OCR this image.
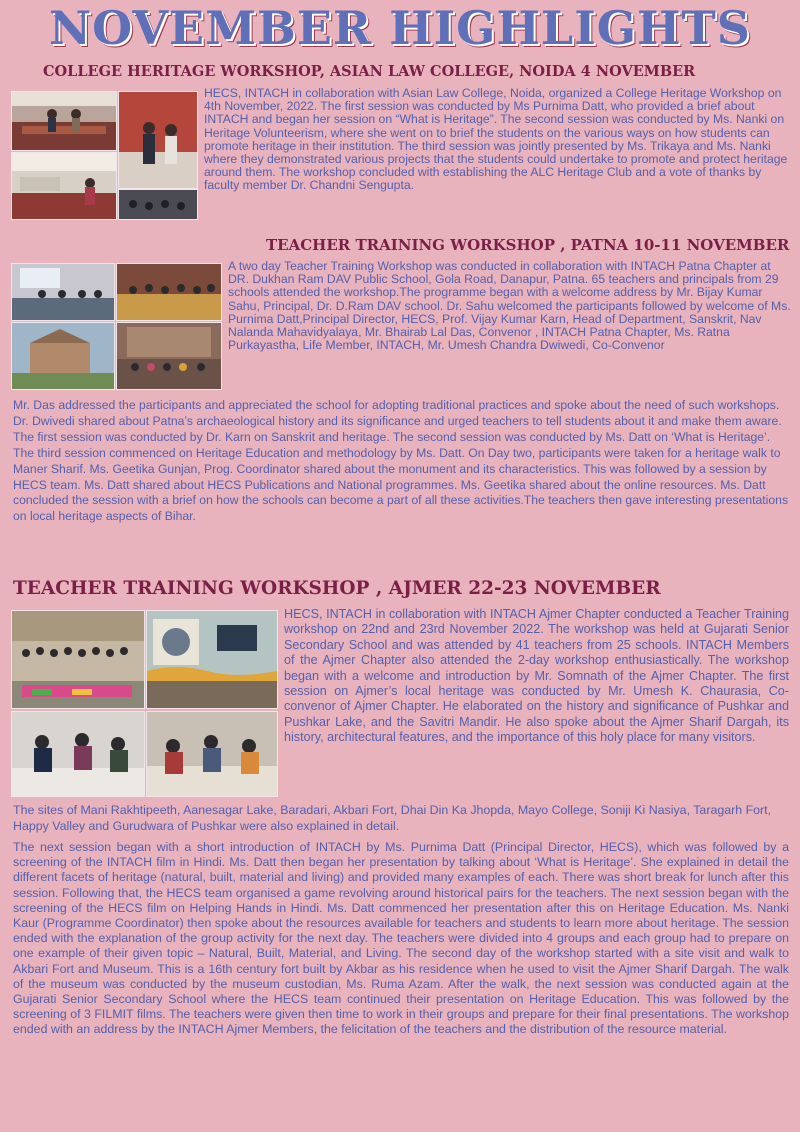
NOVEMBER HIGHLIGHTS
COLLEGE HERITAGE WORKSHOP, ASIAN LAW COLLEGE, NOIDA 4 NOVEMBER

HECS, INTACH in collaboration with Asian Law College, Noida, organized a College Heritage Workshop on 4th November, 2022. The first session was conducted by Ms Purnima Datt, who provided a brief about INTACH and began her session on “What is Heritage”. The second session was conducted by Ms. Nanki on Heritage Volunteerism, where she went on to brief the students on the various ways on how students can promote heritage in their institution. The third session was jointly presented by Ms. Trikaya and Ms. Nanki where they demonstrated various projects that the students could undertake to promote and protect heritage around them. The workshop concluded with establishing the ALC Heritage Club and a vote of thanks by faculty member Dr. Chandni Sengupta.

TEACHER TRAINING WORKSHOP , PATNA 10-11 NOVEMBER

A two day Teacher Training Workshop was conducted in collaboration with INTACH Patna Chapter at DR. Dukhan Ram DAV Public School, Gola Road, Danapur, Patna. 65 teachers and principals from 29 schools attended the workshop.The programme began with a welcome address by Mr. Bijay Kumar Sahu, Principal, Dr. D.Ram DAV school. Dr. Sahu welcomed the participants followed by welcome of Ms. Purnima Datt,Principal Director, HECS, Prof. Vijay Kumar Karn, Head of Department, Sanskrit, Nav Nalanda Mahavidyalaya, Mr. Bhairab Lal Das, Convenor , INTACH Patna Chapter, Ms. Ratna Purkayastha, Life Member, INTACH, Mr. Umesh Chandra Dwiwedi, Co-Convenor

Mr. Das addressed the participants and appreciated the school for adopting traditional practices and spoke about the need of such workshops. Dr. Dwivedi shared about Patna’s archaeological history and its significance and urged teachers to tell students about it and make them aware. The first session was conducted by Dr. Karn on Sanskrit and heritage. The second session was conducted by Ms. Datt on ‘What is Heritage’. The third session commenced on Heritage Education and methodology by Ms. Datt. On Day two, participants were taken for a heritage walk to Maner Sharif. Ms. Geetika Gunjan, Prog. Coordinator shared about the monument and its characteristics. This was followed by a session by HECS team. Ms. Datt shared about HECS Publications and National programmes. Ms. Geetika shared about the online resources. Ms. Datt concluded the session with a brief on how the schools can become a part of all these activities.The teachers then gave interesting presentations on local heritage aspects of Bihar.

TEACHER TRAINING WORKSHOP , AJMER 22-23 NOVEMBER

HECS, INTACH in collaboration with INTACH Ajmer Chapter conducted a Teacher Training workshop on 22nd and 23rd November 2022. The workshop was held at Gujarati Senior Secondary School and was attended by 41 teachers from 25 schools. INTACH Members of the Ajmer Chapter also attended the 2-day workshop enthusiastically. The workshop began with a welcome and introduction by Mr. Somnath of the Ajmer Chapter. The first session on Ajmer’s local heritage was conducted by Mr. Umesh K. Chaurasia, Co-convenor of Ajmer Chapter. He elaborated on the history and significance of Pushkar and Pushkar Lake, and the Savitri Mandir. He also spoke about the Ajmer Sharif Dargah, its history, architectural features, and the importance of this holy place for many visitors.

The sites of Mani Rakhtipeeth, Aanesagar Lake, Baradari, Akbari Fort, Dhai Din Ka Jhopda, Mayo College, Soniji Ki Nasiya, Taragarh Fort, Happy Valley and Gurudwara of Pushkar were also explained in detail.

The next session began with a short introduction of INTACH by Ms. Purnima Datt (Principal Director, HECS), which was followed by a screening of the INTACH film in Hindi. Ms. Datt then began her presentation by talking about ‘What is Heritage’. She explained in detail the different facets of heritage (natural, built, material and living) and provided many examples of each. There was short break for lunch after this session. Following that, the HECS team organised a game revolving around historical pairs for the teachers. The next session began with the screening of the HECS film on Helping Hands in Hindi. Ms. Datt commenced her presentation after this on Heritage Education. Ms. Nanki Kaur (Programme Coordinator) then spoke about the resources available for teachers and students to learn more about heritage. The session ended with the explanation of the group activity for the next day. The teachers were divided into 4 groups and each group had to prepare on one example of their given topic – Natural, Built, Material, and Living. The second day of the workshop started with a site visit and walk to Akbari Fort and Museum. This is a 16th century fort built by Akbar as his residence when he used to visit the Ajmer Sharif Dargah. The walk of the museum was conducted by the museum custodian, Ms. Ruma Azam. After the walk, the next session was conducted again at the Gujarati Senior Secondary School where the HECS team continued their presentation on Heritage Education. This was followed by the screening of 3 FILMIT films. The teachers were given then time to work in their groups and prepare for their final presentations. The workshop ended with an address by the INTACH Ajmer Members, the felicitation of the teachers and the distribution of the resource material.
